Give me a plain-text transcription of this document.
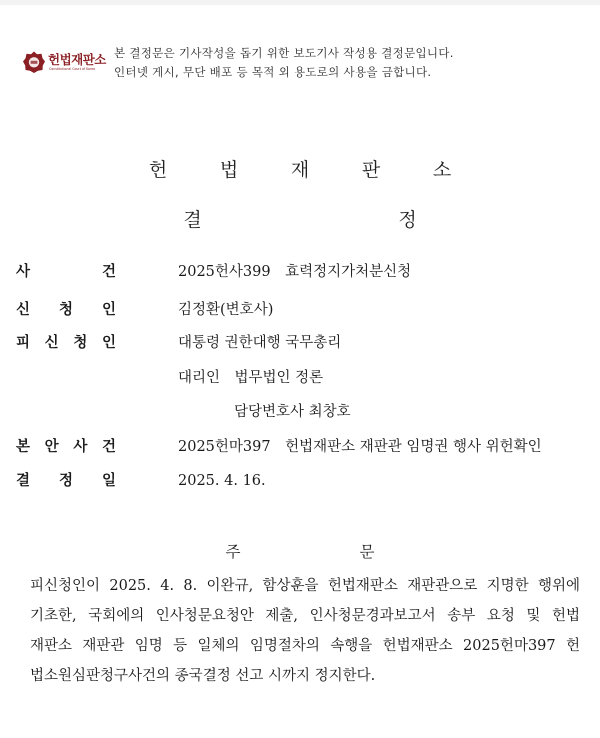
헌법재판소
Constitutional Court of Korea
본 결정문은 기사작성을 돕기 위한 보도기사 작성용 결정문입니다.
인터넷 게시, 무단 배포 등 목적 외 용도로의 사용을 금합니다.
헌	법	재	판	소
결	정
사	건	2025헌사399　효력정지가처분신청
신 청 인	김정환(변호사)
피 신 청 인	대통령 권한대행 국무총리
대리인　법무법인 정론
담당변호사 최창호
본 안 사 건	2025헌마397　헌법재판소 재판관 임명권 행사 위헌확인
결 정 일	2025. 4. 16.
주	문
피신청인이 2025. 4. 8. 이완규, 함상훈을 헌법재판소 재판관으로 지명한 행위에
기초한, 국회에의 인사청문요청안 제출, 인사청문경과보고서 송부 요청 및 헌법
재판소 재판관 임명 등 일체의 임명절차의 속행을 헌법재판소 2025헌마397 헌
법소원심판청구사건의 종국결정 선고 시까지 정지한다.
